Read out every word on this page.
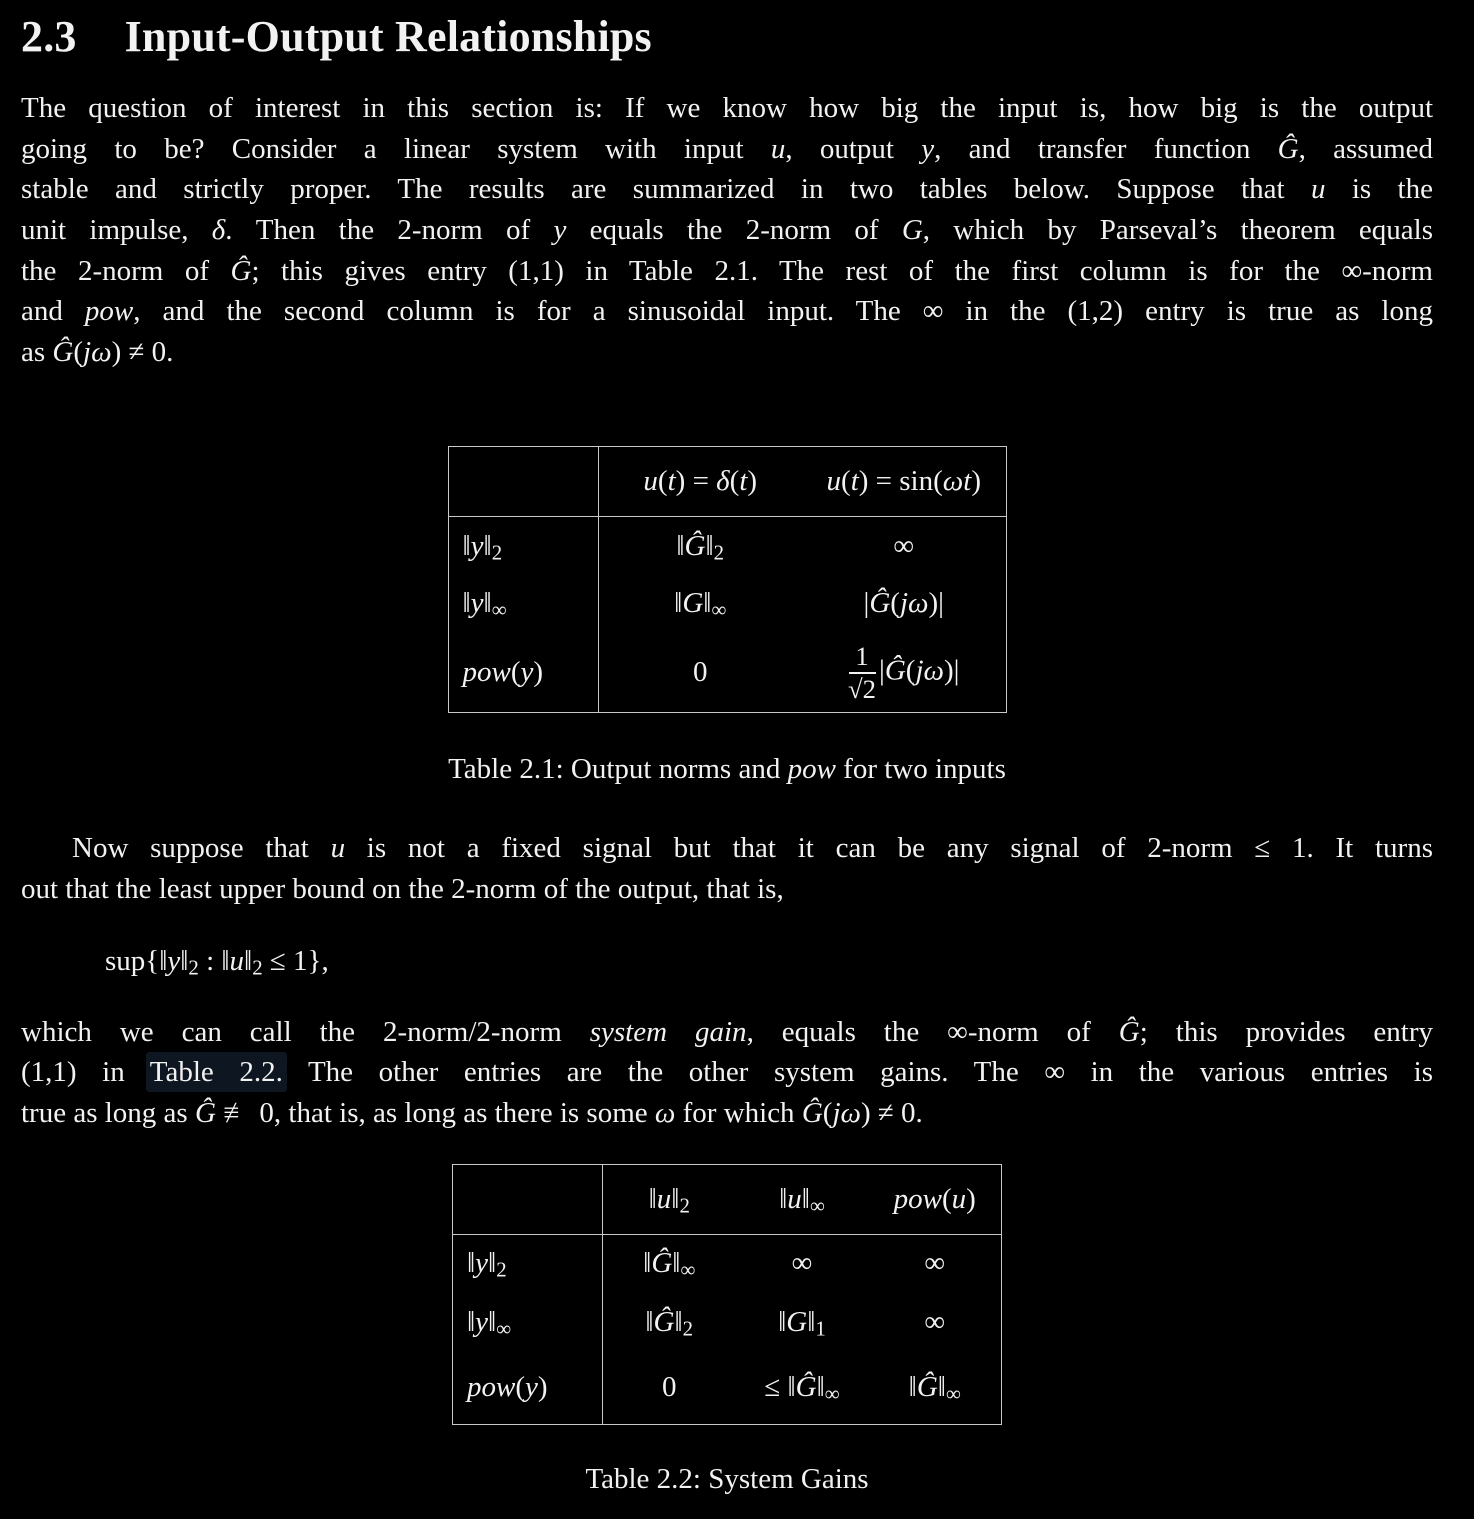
2.3 Input-Output Relationships

The question of interest in this section is: If we know how big the input is, how big is the output
going to be? Consider a linear system with input u, output y, and transfer function Ĝ, assumed
stable and strictly proper. The results are summarized in two tables below. Suppose that u is the
unit impulse, δ. Then the 2-norm of y equals the 2-norm of G, which by Parseval’s theorem equals
the 2-norm of Ĝ; this gives entry (1,1) in Table 2.1. The rest of the first column is for the ∞-norm
and pow, and the second column is for a sinusoidal input. The ∞ in the (1,2) entry is true as long
as Ĝ(jω) ≠ 0.

	u(t) = δ(t)	u(t) = sin(ωt)
$‖y‖_2$	$‖Ĝ‖_2$	∞
$‖y‖_\infty$	$‖G‖_\infty$	|Ĝ(jω)|
pow(y)	0	$\frac{1}{√2}$ |Ĝ(jω)|

Table 2.1: Output norms and pow for two inputs

Now suppose that u is not a fixed signal but that it can be any signal of 2-norm ≤ 1. It turns
out that the least upper bound on the 2-norm of the output, that is,

$sup\{‖y‖_2$ : $‖u‖_2 \le 1$},

which we can call the 2-norm/2-norm system gain, equals the ∞-norm of Ĝ; this provides entry
(1,1) in Table 2.2. The other entries are the other system gains. The ∞ in the various entries is
true as long as Ĝ ≢ 0, that is, as long as there is some ω for which Ĝ(jω) ≠ 0.

	$‖u‖_2$	$‖u‖_\infty$	pow(u)
$‖y‖_2$	$‖Ĝ‖_\infty$	∞	∞
$‖y‖_\infty$	$‖Ĝ‖_2$	$‖G‖_1$	∞
pow(y)	0	≤ $‖Ĝ‖_\infty$	$‖Ĝ‖_\infty$

Table 2.2: System Gains
